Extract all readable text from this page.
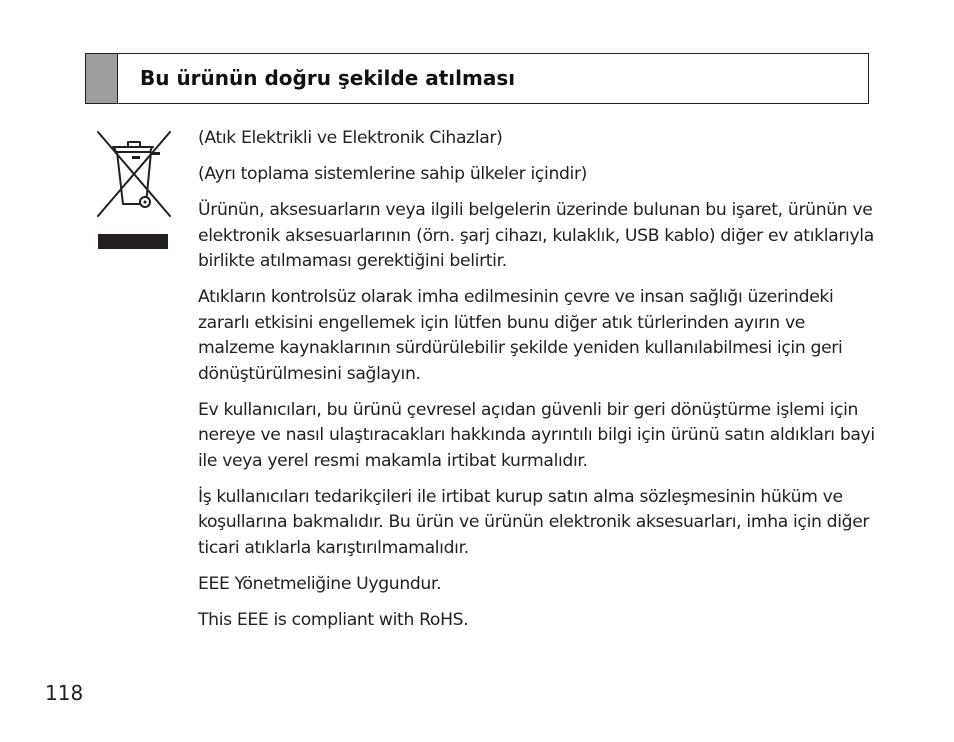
Bu ürünün doğru şekilde atılması

(Atık Elektrikli ve Elektronik Cihazlar)

(Ayrı toplama sistemlerine sahip ülkeler içindir)

Ürünün, aksesuarların veya ilgili belgelerin üzerinde bulunan bu işaret, ürünün ve elektronik aksesuarlarının (örn. şarj cihazı, kulaklık, USB kablo) diğer ev atıklarıyla birlikte atılmaması gerektiğini belirtir.

Atıkların kontrolsüz olarak imha edilmesinin çevre ve insan sağlığı üzerindeki zararlı etkisini engellemek için lütfen bunu diğer atık türlerinden ayırın ve malzeme kaynaklarının sürdürülebilir şekilde yeniden kullanılabilmesi için geri dönüştürülmesini sağlayın.

Ev kullanıcıları, bu ürünü çevresel açıdan güvenli bir geri dönüştürme işlemi için nereye ve nasıl ulaştıracakları hakkında ayrıntılı bilgi için ürünü satın aldıkları bayi ile veya yerel resmi makamla irtibat kurmalıdır.

İş kullanıcıları tedarikçileri ile irtibat kurup satın alma sözleşmesinin hüküm ve koşullarına bakmalıdır. Bu ürün ve ürünün elektronik aksesuarları, imha için diğer ticari atıklarla karıştırılmamalıdır.

EEE Yönetmeliğine Uygundur.

This EEE is compliant with RoHS.

118
